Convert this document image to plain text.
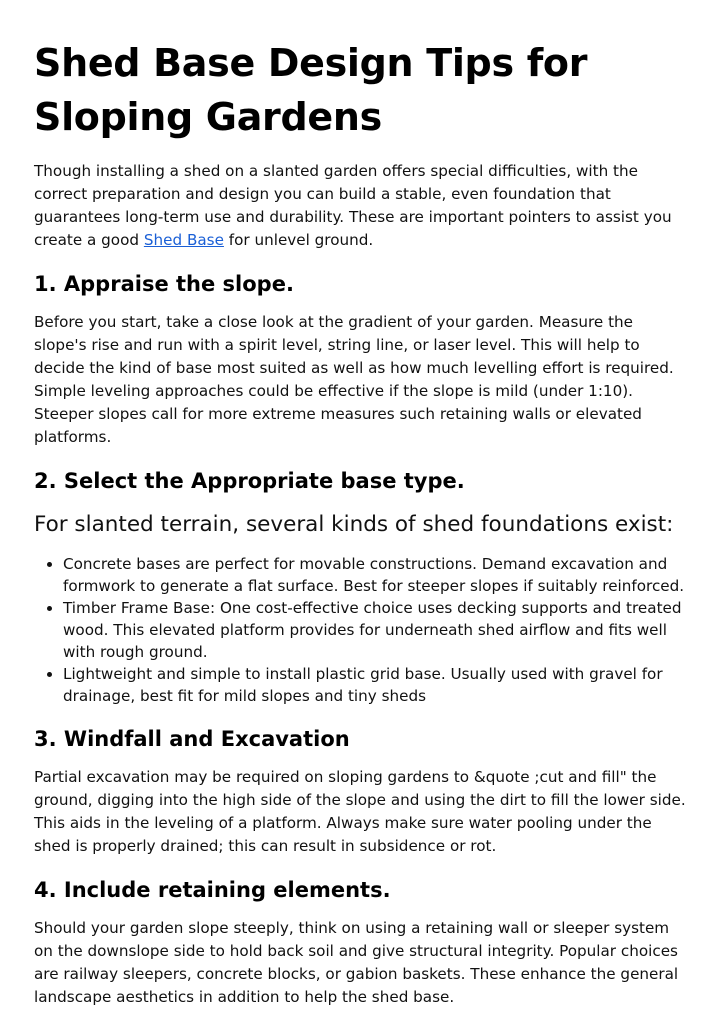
Shed Base Design Tips for Sloping Gardens

Though installing a shed on a slanted garden offers special difficulties, with the correct preparation and design you can build a stable, even foundation that guarantees long-term use and durability. These are important pointers to assist you create a good Shed Base for unlevel ground.

1. Appraise the slope.

Before you start, take a close look at the gradient of your garden. Measure the slope's rise and run with a spirit level, string line, or laser level. This will help to decide the kind of base most suited as well as how much levelling effort is required. Simple leveling approaches could be effective if the slope is mild (under 1:10). Steeper slopes call for more extreme measures such retaining walls or elevated platforms.

2. Select the Appropriate base type.

For slanted terrain, several kinds of shed foundations exist:

• Concrete bases are perfect for movable constructions. Demand excavation and formwork to generate a flat surface. Best for steeper slopes if suitably reinforced.
• Timber Frame Base: One cost-effective choice uses decking supports and treated wood. This elevated platform provides for underneath shed airflow and fits well with rough ground.
• Lightweight and simple to install plastic grid base. Usually used with gravel for drainage, best fit for mild slopes and tiny sheds
3. Windfall and Excavation

Partial excavation may be required on sloping gardens to &quote ;cut and fill" the ground, digging into the high side of the slope and using the dirt to fill the lower side. This aids in the leveling of a platform. Always make sure water pooling under the shed is properly drained; this can result in subsidence or rot.

4. Include retaining elements.

Should your garden slope steeply, think on using a retaining wall or sleeper system on the downslope side to hold back soil and give structural integrity. Popular choices are railway sleepers, concrete blocks, or gabion baskets. These enhance the general landscape aesthetics in addition to help the shed base.
